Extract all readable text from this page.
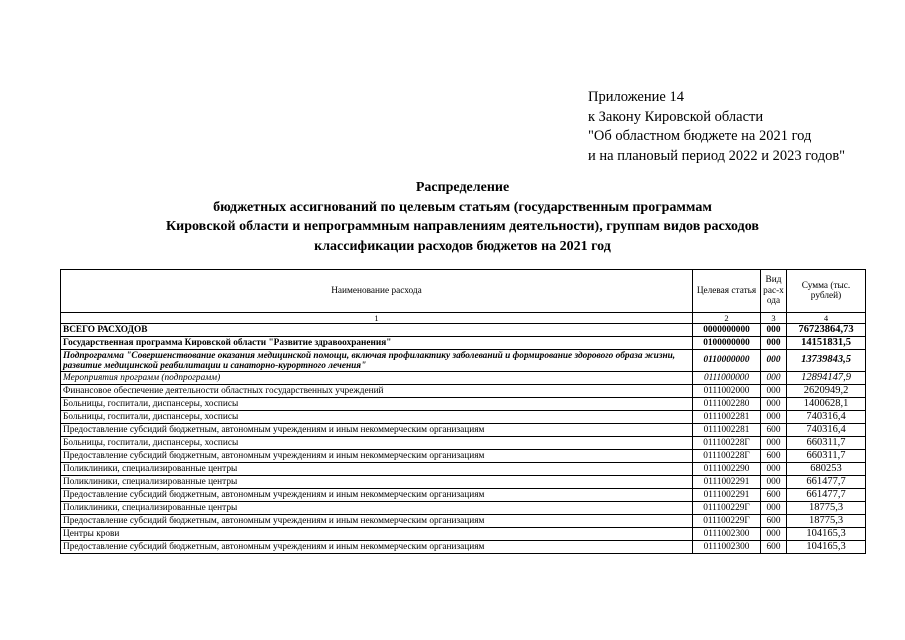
Приложение 14
к Закону Кировской области
"Об областном бюджете на 2021 год
и на плановый период 2022 и 2023 годов"
Распределение
бюджетных ассигнований по целевым статьям (государственным программам
Кировской области и непрограммным направлениям деятельности), группам видов расходов
классификации расходов бюджетов на 2021 год
Наименование расхода	Целевая статья	Вид рас-хода	Сумма (тыс. рублей)
1	2	3	4
ВСЕГО РАСХОДОВ	0000000000	000	76723864,73
Государственная программа Кировской области "Развитие здравоохранения"	0100000000	000	14151831,5
Подпрограмма "Совершенствование оказания медицинской помощи, включая профилактику заболеваний и формирование здорового образа жизни, развитие медицинской реабилитации и санаторно-курортного лечения"	0110000000	000	13739843,5
Мероприятия программ (подпрограмм)	0111000000	000	12894147,9
Финансовое обеспечение деятельности областных государственных учреждений	0111002000	000	2620949,2
Больницы, госпитали, диспансеры, хосписы	0111002280	000	1400628,1
Больницы, госпитали, диспансеры, хосписы	0111002281	000	740316,4
Предоставление субсидий бюджетным, автономным учреждениям и иным некоммерческим организациям	0111002281	600	740316,4
Больницы, госпитали, диспансеры, хосписы	011100228Г	000	660311,7
Предоставление субсидий бюджетным, автономным учреждениям и иным некоммерческим организациям	011100228Г	600	660311,7
Поликлиники, специализированные центры	0111002290	000	680253
Поликлиники, специализированные центры	0111002291	000	661477,7
Предоставление субсидий бюджетным, автономным учреждениям и иным некоммерческим организациям	0111002291	600	661477,7
Поликлиники, специализированные центры	011100229Г	000	18775,3
Предоставление субсидий бюджетным, автономным учреждениям и иным некоммерческим организациям	011100229Г	600	18775,3
Центры крови	0111002300	000	104165,3
Предоставление субсидий бюджетным, автономным учреждениям и иным некоммерческим организациям	0111002300	600	104165,3
